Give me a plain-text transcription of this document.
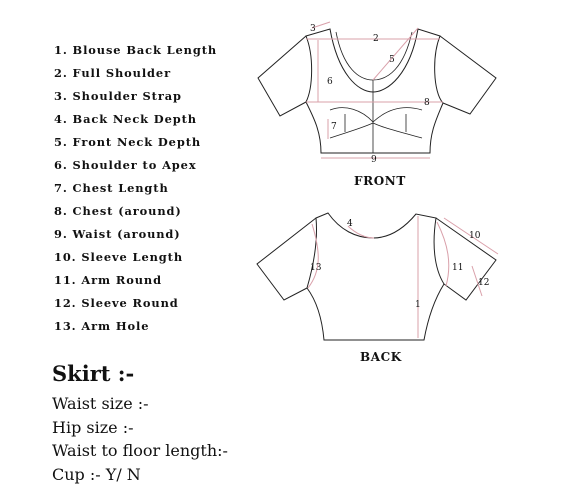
1. Blouse Back Length
2. Full Shoulder
3. Shoulder Strap
4. Back Neck Depth
5. Front Neck Depth
6. Shoulder to Apex
7. Chest Length
8. Chest (around)
9. Waist (around)
10. Sleeve Length
11. Arm Round
12. Sleeve Round
13. Arm Hole
2
3
5
6
7
8
9
FRONT
1
4
10
11
12
13
BACK
Skirt :-
Waist size :-
Hip size :-
Waist to floor length:-
Cup :- Y/ N
